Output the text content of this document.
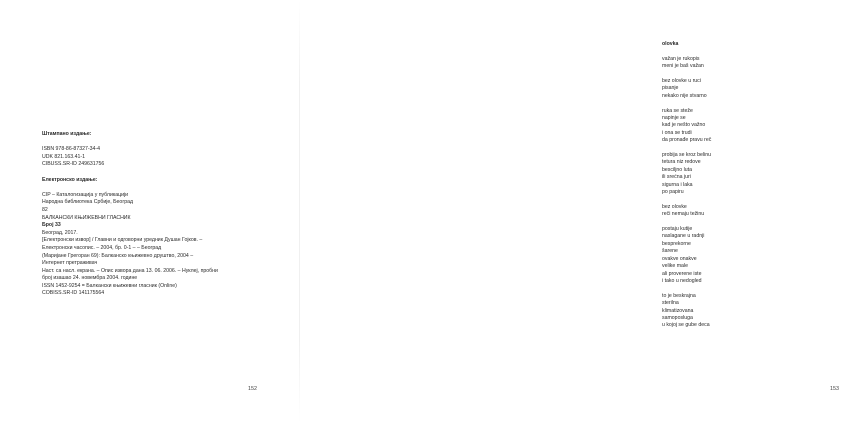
Штампано издање:
ISBN 978-86-87327-34-4
UDK 821.163.41-1
CIBUSS.SR-ID 249631756
Електронско издање:
CIP – Каталогизација у публикацији
Народна библиотека Србије, Београд
82
БАЛКАНСКИ КЊИЖЕВНИ ГЛАСНИК
Број 33
Београд, 2017.
[Електронски извор] / Главни и одговорни уредник Душан Гојков. –
Електронски часопис. – 2004, бр. 0-1 – – Београд
(Маријане Грегоран 69): Балканско књижевно друштво, 2004 –
Интернет претраживач
Наст. са насл. екрана. – Опис извора дана 13. 06. 2006. – Нуклеј, пробни
број изашао 24. новембра 2004. године
ISSN 1452-9254 = Балкански књижевни гласник (Online)
COBISS.SR-ID 141175564
152
olovka
važan je rukopis
meni je baš važan
bez olovke u ruci
pisanje
nekako nije stvarno
ruka se steže
napinje se
kad je nešto važno
i ona se trudi
da pronađe pravu reč
probija se kroz belinu
tetura niz redove
besciljno luta
ili srećna juri
sigurna i laka
po papiru
bez olovke
reči nemaju težinu
postaju kutije
naslagane u radnji
besprekorne
šarene
ovakve onakve
velike male
ali proverene iste
i tako u nedogled
to je beskrajna
sterilna
klimatizovana
samoposluga
u kojoj se gube deca
153
